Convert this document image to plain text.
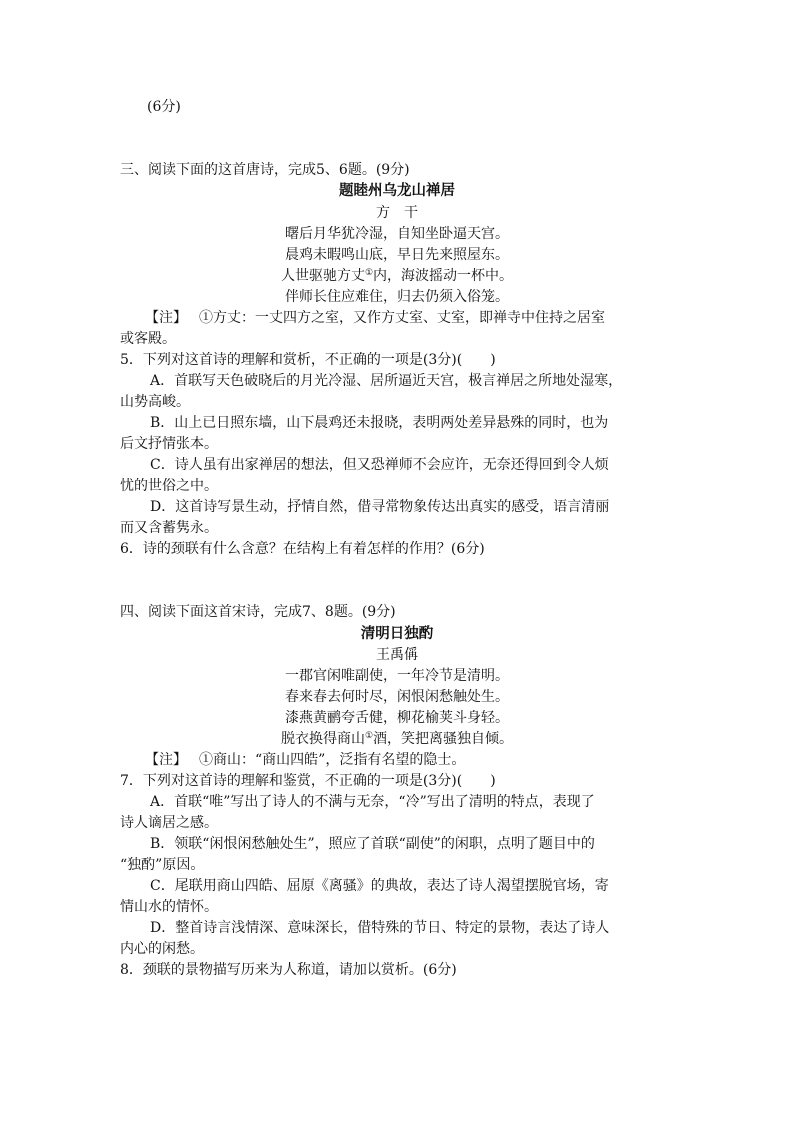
(6分)
三、阅读下面的这首唐诗，完成5、6题。(9分)
题睦州乌龙山禅居
方　干
曙后月华犹冷湿，自知坐卧逼天宫。
晨鸡未暇鸣山底，早日先来照屋东。
人世驱驰方丈①内，海波摇动一杯中。
伴师长住应难住，归去仍须入俗笼。
【注】 ①方丈：一丈四方之室，又作方丈室、丈室，即禅寺中住持之居室
或客殿。
5．下列对这首诗的理解和赏析，不正确的一项是(3分)(　　)
A．首联写天色破晓后的月光冷湿、居所逼近天宫，极言禅居之所地处湿寒，
山势高峻。
B．山上已日照东墙，山下晨鸡还未报晓，表明两处差异悬殊的同时，也为
后文抒情张本。
C．诗人虽有出家禅居的想法，但又恐禅师不会应许，无奈还得回到令人烦
忧的世俗之中。
D．这首诗写景生动，抒情自然，借寻常物象传达出真实的感受，语言清丽
而又含蓄隽永。
6．诗的颈联有什么含意？在结构上有着怎样的作用？(6分)
四、阅读下面这首宋诗，完成7、8题。(9分)
清明日独酌
王禹偁
一郡官闲唯副使，一年冷节是清明。
春来春去何时尽，闲恨闲愁触处生。
漆燕黄鹂夸舌健，柳花榆荚斗身轻。
脱衣换得商山①酒，笑把离骚独自倾。
【注】 ①商山：“商山四皓”，泛指有名望的隐士。
7．下列对这首诗的理解和鉴赏，不正确的一项是(3分)(　　)
A．首联“唯”写出了诗人的不满与无奈，“冷”写出了清明的特点，表现了
诗人谪居之感。
B．领联“闲恨闲愁触处生”，照应了首联“副使”的闲职，点明了题目中的
“独酌”原因。
C．尾联用商山四皓、屈原《离骚》的典故，表达了诗人渴望摆脱官场，寄
情山水的情怀。
D．整首诗言浅情深、意味深长，借特殊的节日、特定的景物，表达了诗人
内心的闲愁。
8．颈联的景物描写历来为人称道，请加以赏析。(6分)
